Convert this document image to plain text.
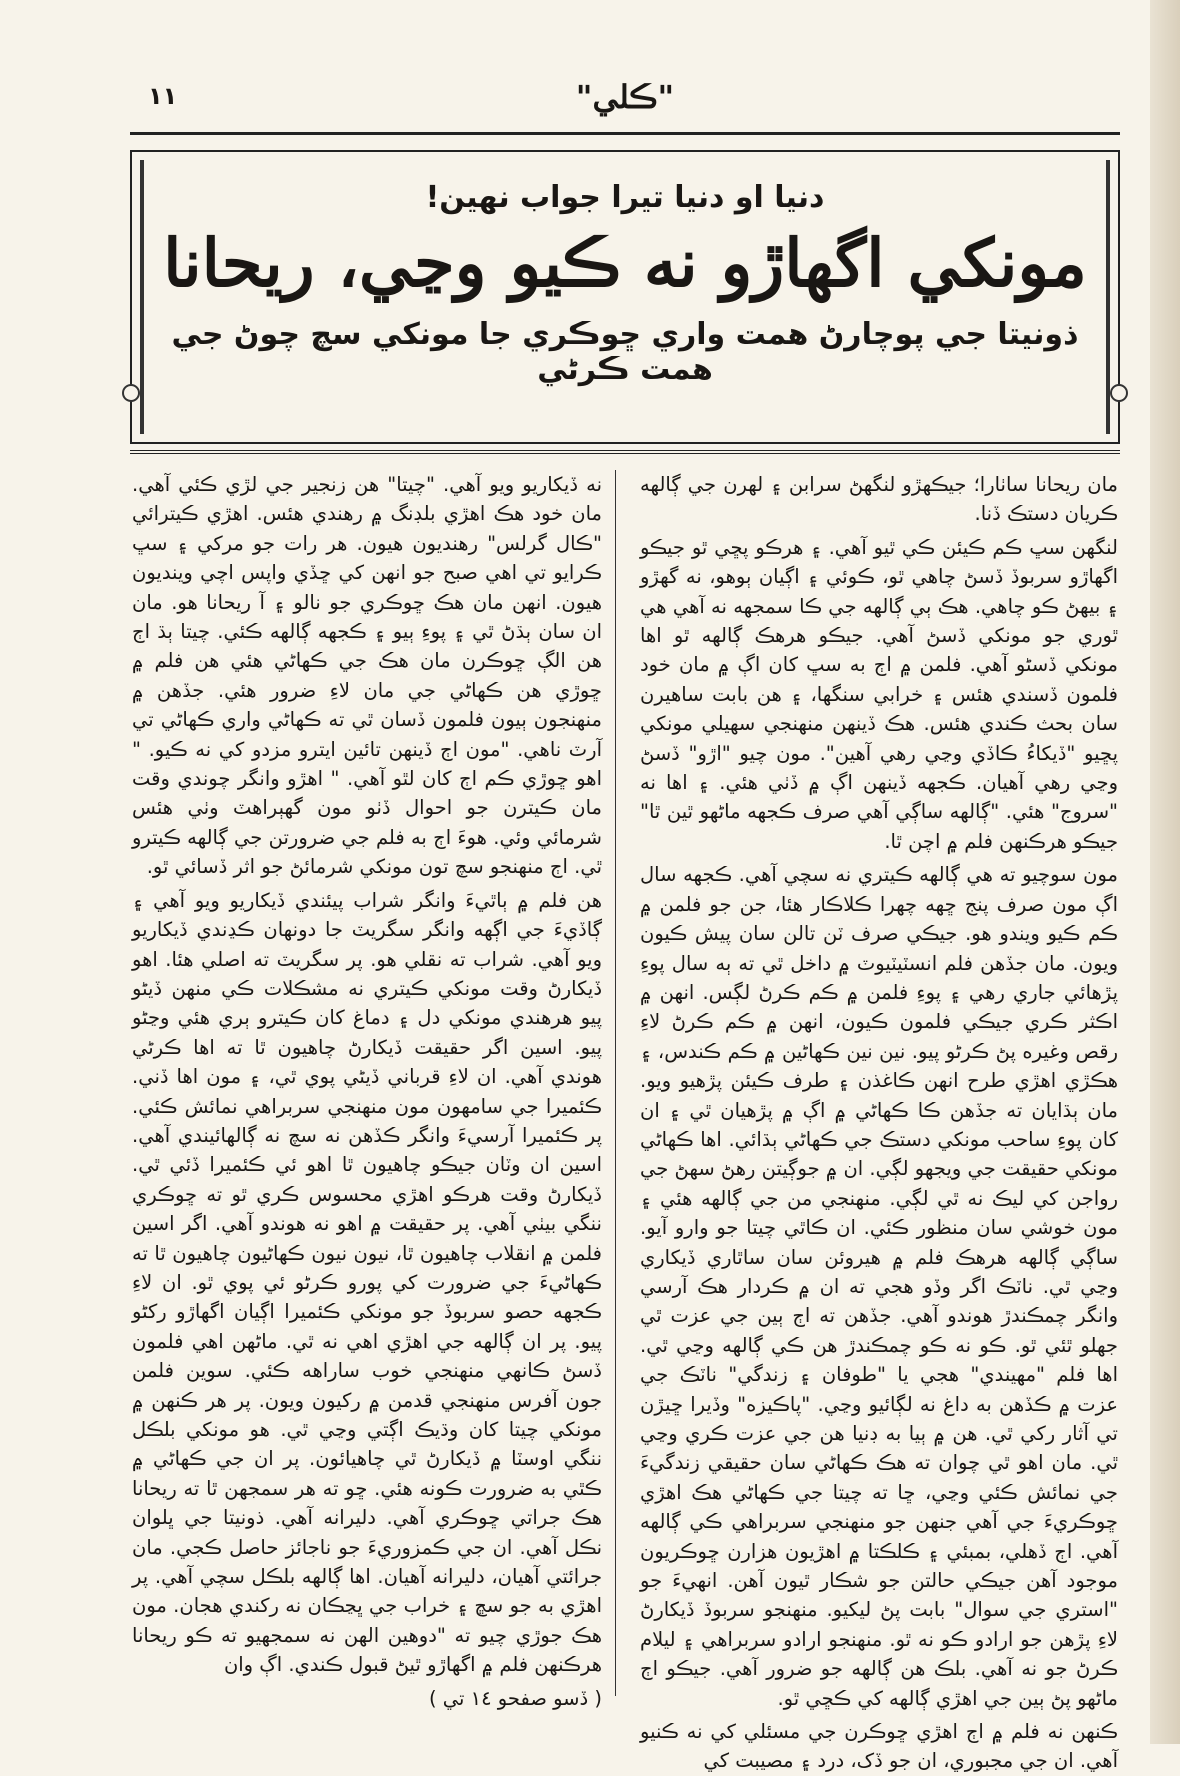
۱۱	"ڪلي"
دنيا او دنيا تيرا جواب نهين!
مونکي اگهاڙو نه ڪيو وڃي، ريحانا
ذونيتا جي پوچارڻ همت واري ڇوڪري جا مونکي سچ چوڻ جي همت ڪرڻي

مان ريحانا ساٺارا؛ جيڪهڙو لنگهڻ سرابن ۽ لهرن جي ڳالهه ڪريان دستڪ ڏنا.

لنگهن سڀ ڪم ڪيئن ڪي ٿيو آهي. ۽ هرڪو پڇي ٿو جيڪو اگهاڙو سربوڏ ڏسڻ چاهي ٿو، ڪوئي ۽ اڳيان ٻوهو، نه گهڙو ۽ بيهڻ ڪو چاهي. هڪ ٻي ڳالهه جي ڪا سمجهه نه آهي هي ٿوري جو مونکي ڏسڻ آهي. جيڪو هرهڪ ڳالهه ٿو اها مونکي ڏسڻو آهي. فلمن ۾ اڄ به سڀ کان اڳ ۾ مان خود فلمون ڏسندي هئس ۽ خرابي سنگها، ۽ هن بابت ساهيرن سان بحث ڪندي هئس. هڪ ڏينهن منهنجي سهيلي مونکي پڇيو "ڏيکاءُ ڪاڏي وڃي رهي آهين". مون چيو "اڙو" ڏسڻ وڃي رهي آهيان. ڪجهه ڏينهن اڳ ۾ ڏٺي هئي. ۽ اها نه "سروج" هئي. "ڳالهه ساڳي آهي صرف ڪجهه ماڻهو ٿين ٿا" جيڪو هرڪنهن فلم ۾ اچن ٿا.

مون سوچيو ته هي ڳالهه ڪيتري نه سچي آهي. ڪجهه سال اڳ مون صرف پنج ڇهه چهرا ڪلاڪار هئا، جن جو فلمن ۾ ڪم ڪيو ويندو هو. جيڪي صرف ٽن تالن سان پيش ڪيون ويون. مان جڏهن فلم انسٽيٽيوٽ ۾ داخل ٿي ته ٻه سال پوءِ پڙهائي جاري رهي ۽ پوءِ فلمن ۾ ڪم ڪرڻ لڳس. انهن ۾ اڪثر ڪري جيڪي فلمون ڪيون، انهن ۾ ڪم ڪرڻ لاءِ رقص وغيره پڻ ڪرڻو پيو. نين نين ڪهاڻين ۾ ڪم ڪندس، ۽ هڪڙي اهڙي طرح انهن ڪاغذن ۽ طرف ڪيئن پڙهيو ويو. مان ٻڌايان ته جڏهن ڪا ڪهاڻي ۾ اڳ ۾ پڙهيان ٿي ۽ ان کان پوءِ ساحب مونکي دستڪ جي ڪهاڻي ٻڌائي. اها ڪهاڻي مونکي حقيقت جي ويجهو لڳي. ان ۾ جوڳيتن رهڻ سهڻ جي رواجن کي ليڪ نه ٿي لڳي. منهنجي من جي ڳالهه هئي ۽ مون خوشي سان منظور ڪئي. ان ڪاٿي چيتا جو وارو آيو. ساڳي ڳالهه هرهڪ فلم ۾ هيروئن سان ساٿاري ڏيکاري وڃي ٿي. ناٽڪ اگر وڏو هجي ته ان ۾ ڪردار هڪ آرسي وانگر چمڪندڙ هوندو آهي. جڏهن ته اڄ ٻين جي عزت ٿي جهلو ٿئي ٿو. ڪو نه ڪو چمڪندڙ هن ڪي ڳالهه وڃي ٿي. اها فلم "مهيندي" هجي يا "طوفان ۽ زندگي" ناٽڪ جي عزت ۾ ڪڏهن به داغ نه لڳائيو وڃي. "پاڪيزه" وڏيرا ڇيڙن تي آثار رکي ٿي. هن ۾ ٻيا به ڊنيا هن جي عزت ڪري وڃي ٿي. مان اهو ٿي چوان ته هڪ ڪهاڻي سان حقيقي زندگيءَ جي نمائش ڪئي وڃي، ڇا ته چيتا جي ڪهاڻي هڪ اهڙي ڇوڪريءَ جي آهي جنهن جو منهنجي سربراهي ڪي ڳالهه آهي. اڄ ڏهلي، بمبئي ۽ ڪلڪتا ۾ اهڙيون هزارن ڇوڪريون موجود آهن جيڪي حالتن جو شڪار ٿيون آهن. انهيءَ جو "استري جي سوال" بابت پڻ ليکيو. منهنجو سربوڏ ڏيکارڻ لاءِ پڙهن جو ارادو ڪو نه ٿو. منهنجو ارادو سربراهي ۽ ليلام ڪرڻ جو نه آهي. بلڪ هن ڳالهه جو ضرور آهي. جيڪو اڄ ماڻهو پڻ ٻين جي اهڙي ڳالهه کي ڪڇي ٿو.

ڪنهن نه فلم ۾ اڄ اهڙي ڇوڪرن جي مسئلي کي نه ڪنيو آهي. ان جي مجبوري، ان جو ڏک، درد ۽ مصيبت کي

نه ڏيکاريو ويو آهي. "چيتا" هن زنجير جي لڙي ڪئي آهي. مان خود هڪ اهڙي بلڊنگ ۾ رهندي هئس. اهڙي ڪيترائي "ڪال گرلس" رهنديون هيون. هر رات جو مرکي ۽ سڀ ڪرايو تي اهي صبح جو انهن کي ڇڏي واپس اچي وينديون هيون. انهن مان هڪ ڇوڪري جو نالو ۽ آ ريحانا هو. مان ان سان ٻڌڻ ٿي ۽ پوءِ ٻيو ۽ ڪجهه ڳالهه ڪئي. چيتا ٻڌ اڄ هن الڳ ڇوڪرن مان هڪ جي ڪهاڻي هئي هن فلم ۾ ڇوڙي هن ڪهاڻي جي مان لاءِ ضرور هئي. جڏهن ۾ منهنجون ٻيون فلمون ڏسان ٿي ته ڪهاڻي واري ڪهاڻي تي آرٽ ناهي. "مون اڄ ڏينهن تائين ايترو مزدو کي نه ڪيو. " اهو ڇوڙي ڪم اڄ کان لٿو آهي. " اهڙو وانگر چوندي وقت مان ڪيترن جو احوال ڏٺو مون گهٻراهٽ وٺي هئس شرمائي وئي. هوءَ اڄ به فلم جي ضرورتن جي ڳالهه ڪيترو ٿي. اڄ منهنجو سچ تون مونکي شرمائڻ جو اثر ڏسائي ٿو.

هن فلم ۾ ٻاٿيءَ وانگر شراب پيئندي ڏيکاريو ويو آهي ۽ ڳاڏيءَ جي اڳهه وانگر سگريٽ جا دونهان ڪڍندي ڏيکاريو ويو آهي. شراب ته نقلي هو. پر سگريٽ ته اصلي هئا. اهو ڏيکارڻ وقت مونکي ڪيتري نه مشڪلات ڪي منهن ڏيڻو پيو هرهندي مونکي دل ۽ دماغ کان ڪيترو ٻري هئي وڃڻو پيو. اسين اگر حقيقت ڏيکارڻ چاهيون ٿا ته اها ڪرڻي هوندي آهي. ان لاءِ قرباني ڏيڻي پوي ٿي، ۽ مون اها ڏني. ڪئميرا جي سامهون مون منهنجي سربراهي نمائش ڪئي. پر ڪئميرا آرسيءَ وانگر ڪڏهن نه سچ نه ڳالهائيندي آهي. اسين ان وٽان جيڪو چاهيون ٿا اهو ئي ڪئميرا ڏئي ٿي. ڏيکارڻ وقت هرڪو اهڙي محسوس ڪري ٿو ته ڇوڪري ننگي بيٺي آهي. پر حقيقت ۾ اهو نه هوندو آهي. اگر اسين فلمن ۾ انقلاب چاهيون ٿا، نيون نيون ڪهاڻيون چاهيون ٿا ته ڪهاڻيءَ جي ضرورت کي پورو ڪرڻو ئي پوي ٿو. ان لاءِ ڪجهه حصو سربوڏ جو مونکي ڪئميرا اڳيان اگهاڙو رکڻو پيو. پر ان ڳالهه جي اهڙي اهي نه ٿي. ماڻهن اهي فلمون ڏسڻ ڪانهي منهنجي خوب ساراهه ڪئي. سوين فلمن جون آفرس منهنجي قدمن ۾ رکيون ويون. پر هر ڪنهن ۾ مونکي چيتا کان وڌيڪ اڳتي وڃي ٿي. هو مونکي بلڪل ننگي اوسٽا ۾ ڏيکارڻ ٿي چاهيائون. پر ان جي ڪهاڻي ۾ ڪٿي به ضرورت ڪونه هئي. ڇو ته هر سمجهن ٿا ته ريحانا هڪ جراتي ڇوڪري آهي. دليرانه آهي. ذونيتا جي ڀلوان نڪل آهي. ان جي ڪمزوريءَ جو ناجائز حاصل ڪجي. مان جرائتي آهيان، دليرانه آهيان. اها ڳالهه بلڪل سچي آهي. پر اهڙي به جو سڇ ۽ خراب جي ڀڃڪان نه رکندي هجان. مون هڪ جوڙي چيو ته "دوهين الهن نه سمجهيو ته ڪو ريحانا هرڪنهن فلم ۾ اگهاڙو ٿيڻ قبول ڪندي. اڳ وان

( ڏسو صفحو ١٤ تي )
